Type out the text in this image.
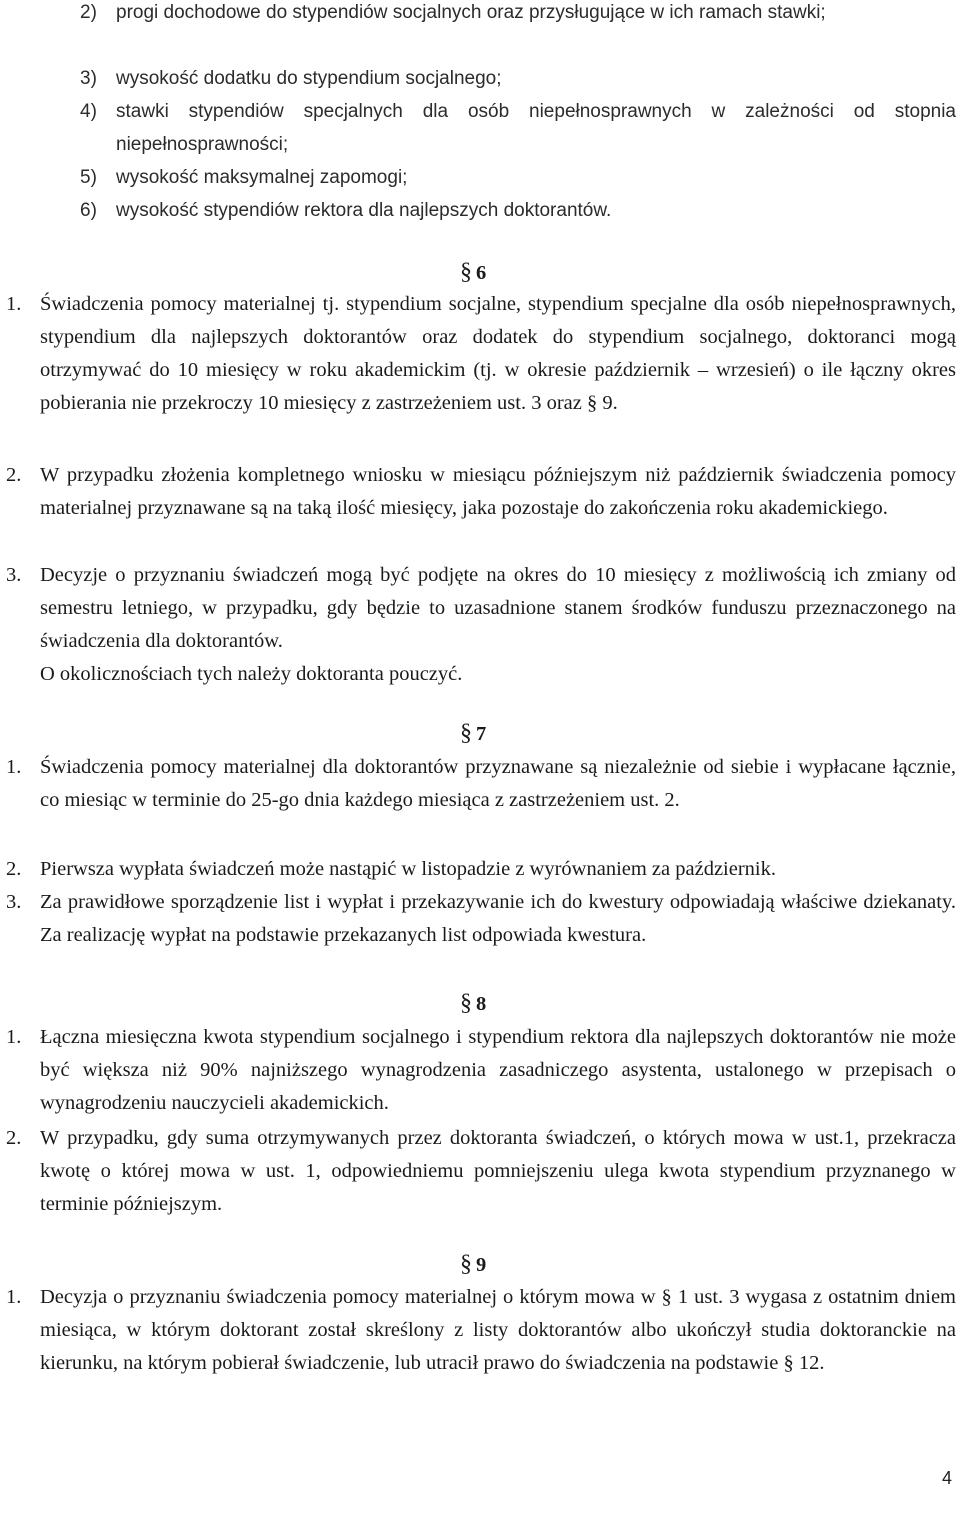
2) progi dochodowe do stypendiów socjalnych oraz przysługujące w ich ramach stawki;
3) wysokość dodatku do stypendium socjalnego;
4) stawki stypendiów specjalnych dla osób niepełnosprawnych w zależności od stopnia niepełnosprawności;
5) wysokość maksymalnej zapomogi;
6) wysokość stypendiów rektora dla najlepszych doktorantów.
§ 6
1. Świadczenia pomocy materialnej tj. stypendium socjalne, stypendium specjalne dla osób niepełnosprawnych, stypendium dla najlepszych doktorantów oraz dodatek do stypendium socjalnego, doktoranci mogą otrzymywać do 10 miesięcy w roku akademickim (tj. w okresie październik – wrzesień) o ile łączny okres pobierania nie przekroczy 10 miesięcy z zastrzeżeniem ust. 3 oraz § 9.
2. W przypadku złożenia kompletnego wniosku w miesiącu późniejszym niż październik świadczenia pomocy materialnej przyznawane są na taką ilość miesięcy, jaka pozostaje do zakończenia roku akademickiego.
3. Decyzje o przyznaniu świadczeń mogą być podjęte na okres do 10 miesięcy z możliwością ich zmiany od semestru letniego, w przypadku, gdy będzie to uzasadnione stanem środków funduszu przeznaczonego na świadczenia dla doktorantów.
O okolicznościach tych należy doktoranta pouczyć.
§ 7
1. Świadczenia pomocy materialnej dla doktorantów przyznawane są niezależnie od siebie i wypłacane łącznie, co miesiąc w terminie do 25-go dnia każdego miesiąca z zastrzeżeniem ust. 2.
2. Pierwsza wypłata świadczeń może nastąpić w listopadzie z wyrównaniem za październik.
3. Za prawidłowe sporządzenie list i wypłat i przekazywanie ich do kwestury odpowiadają właściwe dziekanaty. Za realizację wypłat na podstawie przekazanych list odpowiada kwestura.
§ 8
1. Łączna miesięczna kwota stypendium socjalnego i stypendium rektora dla najlepszych doktorantów nie może być większa niż 90% najniższego wynagrodzenia zasadniczego asystenta, ustalonego w przepisach o wynagrodzeniu nauczycieli akademickich.
2. W przypadku, gdy suma otrzymywanych przez doktoranta świadczeń, o których mowa w ust.1, przekracza kwotę o której mowa w ust. 1, odpowiedniemu pomniejszeniu ulega kwota stypendium przyznanego w terminie późniejszym.
§ 9
1. Decyzja o przyznaniu świadczenia pomocy materialnej o którym mowa w § 1 ust. 3 wygasa z ostatnim dniem miesiąca, w którym doktorant został skreślony z listy doktorantów albo ukończył studia doktoranckie na kierunku, na którym pobierał świadczenie, lub utracił prawo do świadczenia na podstawie § 12.
4
